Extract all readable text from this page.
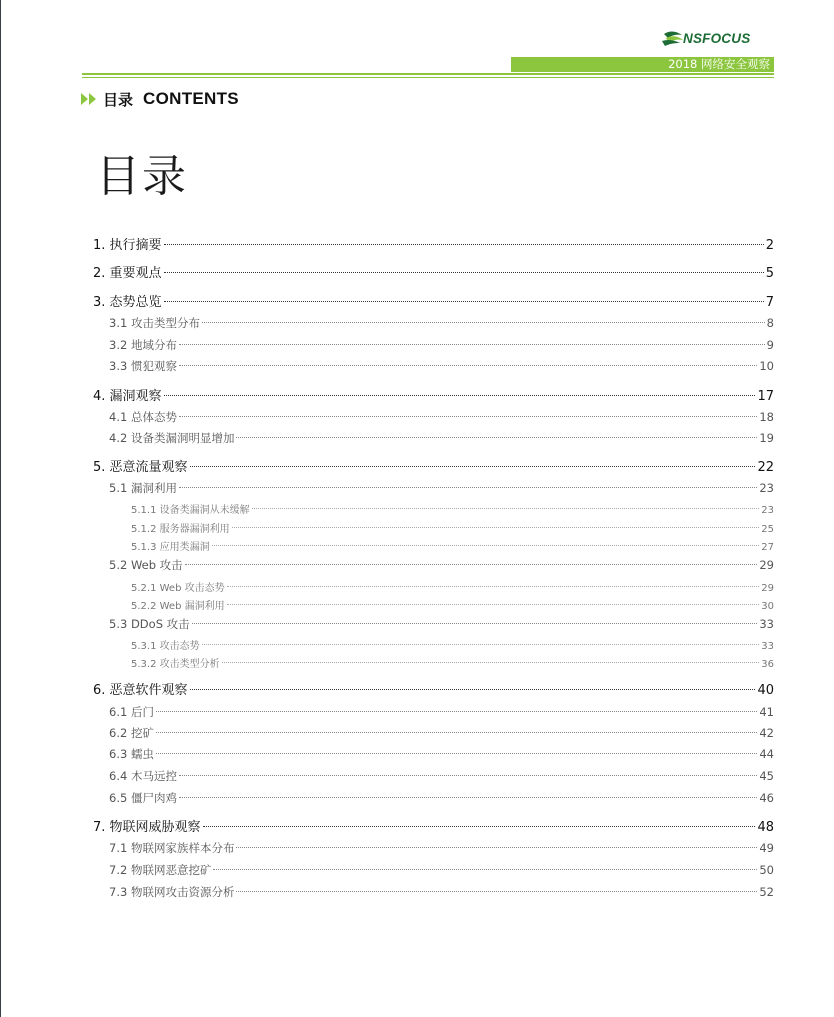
NSFOCUS
2018 网络安全观察
目录 CONTENTS
目录
1. 执行摘要	2
2. 重要观点	5
3. 态势总览	7
3.1 攻击类型分布	8
3.2 地域分布	9
3.3 惯犯观察	10
4. 漏洞观察	17
4.1 总体态势	18
4.2 设备类漏洞明显增加	19
5. 恶意流量观察	22
5.1 漏洞利用	23
5.1.1 设备类漏洞从未缓解	23
5.1.2 服务器漏洞利用	25
5.1.3 应用类漏洞	27
5.2 Web 攻击	29
5.2.1 Web 攻击态势	29
5.2.2 Web 漏洞利用	30
5.3 DDoS 攻击	33
5.3.1 攻击态势	33
5.3.2 攻击类型分析	36
6. 恶意软件观察	40
6.1 后门	41
6.2 挖矿	42
6.3 蠕虫	44
6.4 木马远控	45
6.5 僵尸肉鸡	46
7. 物联网威胁观察	48
7.1 物联网家族样本分布	49
7.2 物联网恶意挖矿	50
7.3 物联网攻击资源分析	52
